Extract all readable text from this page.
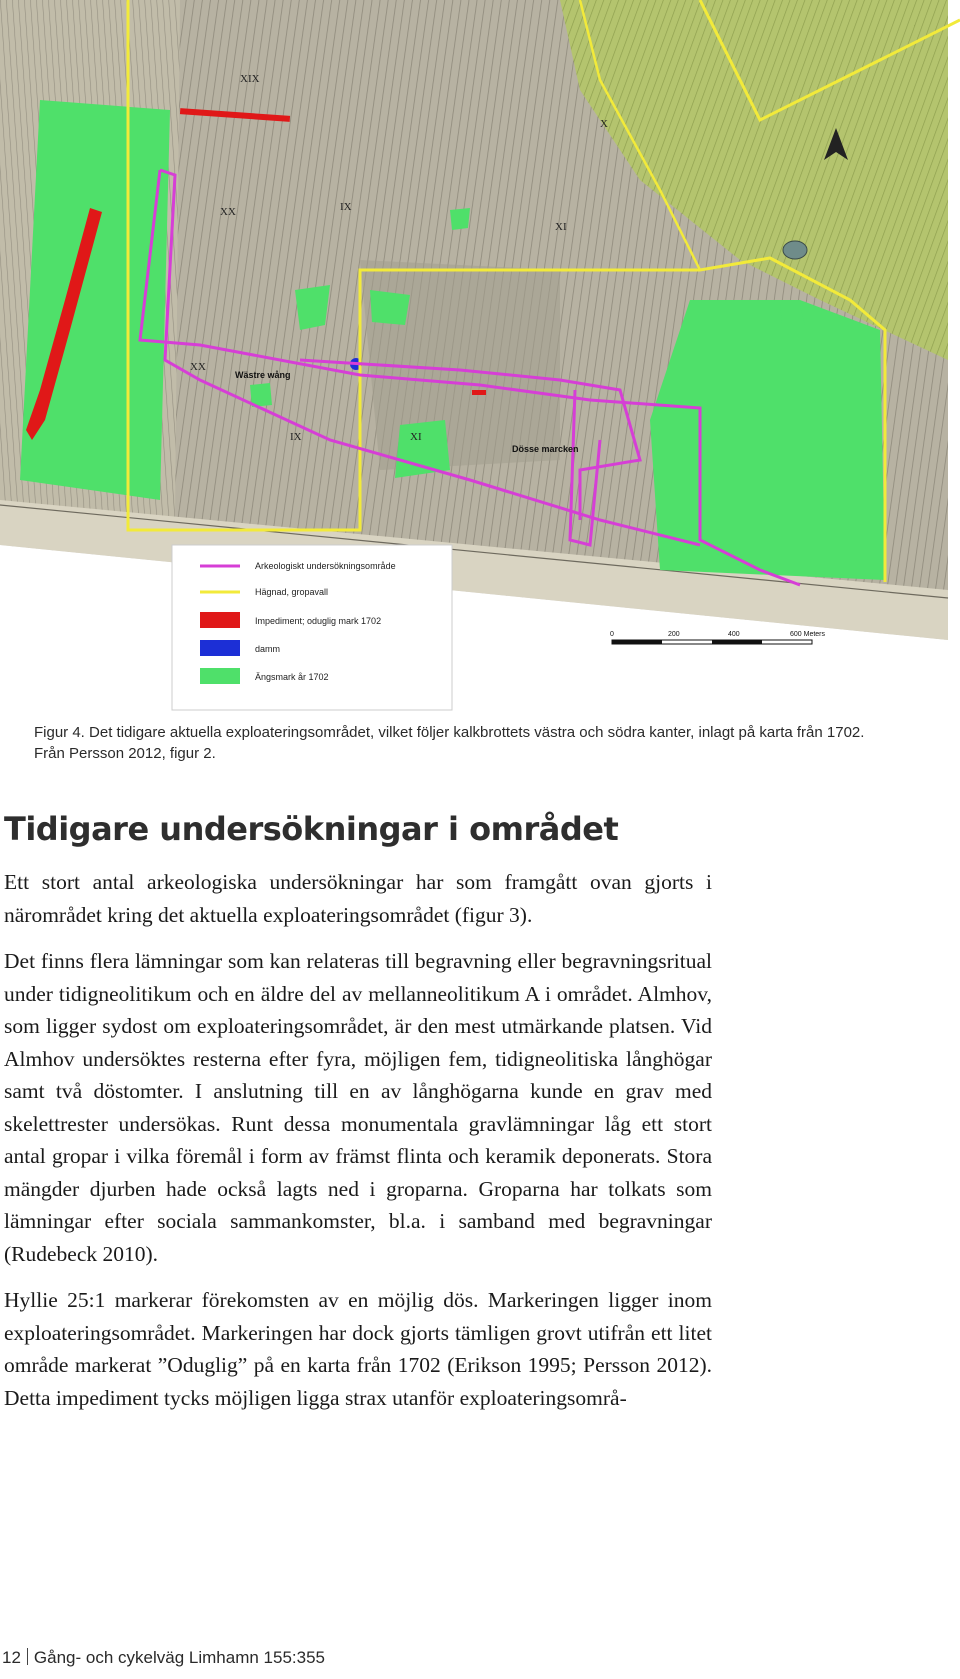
XIX
XX	IX
XI
XX
IX	XI
X
Wästre wång
Dösse marcken
Arkeologiskt undersökningsområde
Hägnad, gropavall
Impediment; oduglig mark 1702
damm
Ängsmark år 1702
0	200	400	600 Meters
Figur 4. Det tidigare aktuella exploateringsområdet, vilket följer kalkbrottets västra och södra kanter, inlagt på karta från 1702.
Från Persson 2012, figur 2.
Tidigare undersökningar i området

Ett stort antal arkeologiska undersökningar har som framgått ovan gjorts i närområdet kring det aktuella exploateringsområdet (figur 3).

Det finns flera lämningar som kan relateras till begravning eller begravningsritual under tidigneolitikum och en äldre del av mellanneolitikum A i området. Almhov, som ligger sydost om exploateringsområdet, är den mest utmärkande platsen. Vid Almhov undersöktes resterna efter fyra, möjligen fem, tidigneolitiska långhögar samt två döstomter. I anslutning till en av långhögarna kunde en grav med skelettrester undersökas. Runt dessa monumentala gravlämningar låg ett stort antal gropar i vilka föremål i form av främst flinta och keramik deponerats. Stora mängder djurben hade också lagts ned i groparna. Groparna har tolkats som lämningar efter sociala sammankomster, bl.a. i samband med begravningar (Rudebeck 2010).

Hyllie 25:1 markerar förekomsten av en möjlig dös. Markeringen ligger inom exploateringsområdet. Markeringen har dock gjorts tämligen grovt utifrån ett litet område markerat ”Oduglig” på en karta från 1702 (Erikson 1995; Persson 2012). Detta impediment tycks möjligen ligga strax utanför exploateringsområ-

12 Gång- och cykelväg Limhamn 155:355
